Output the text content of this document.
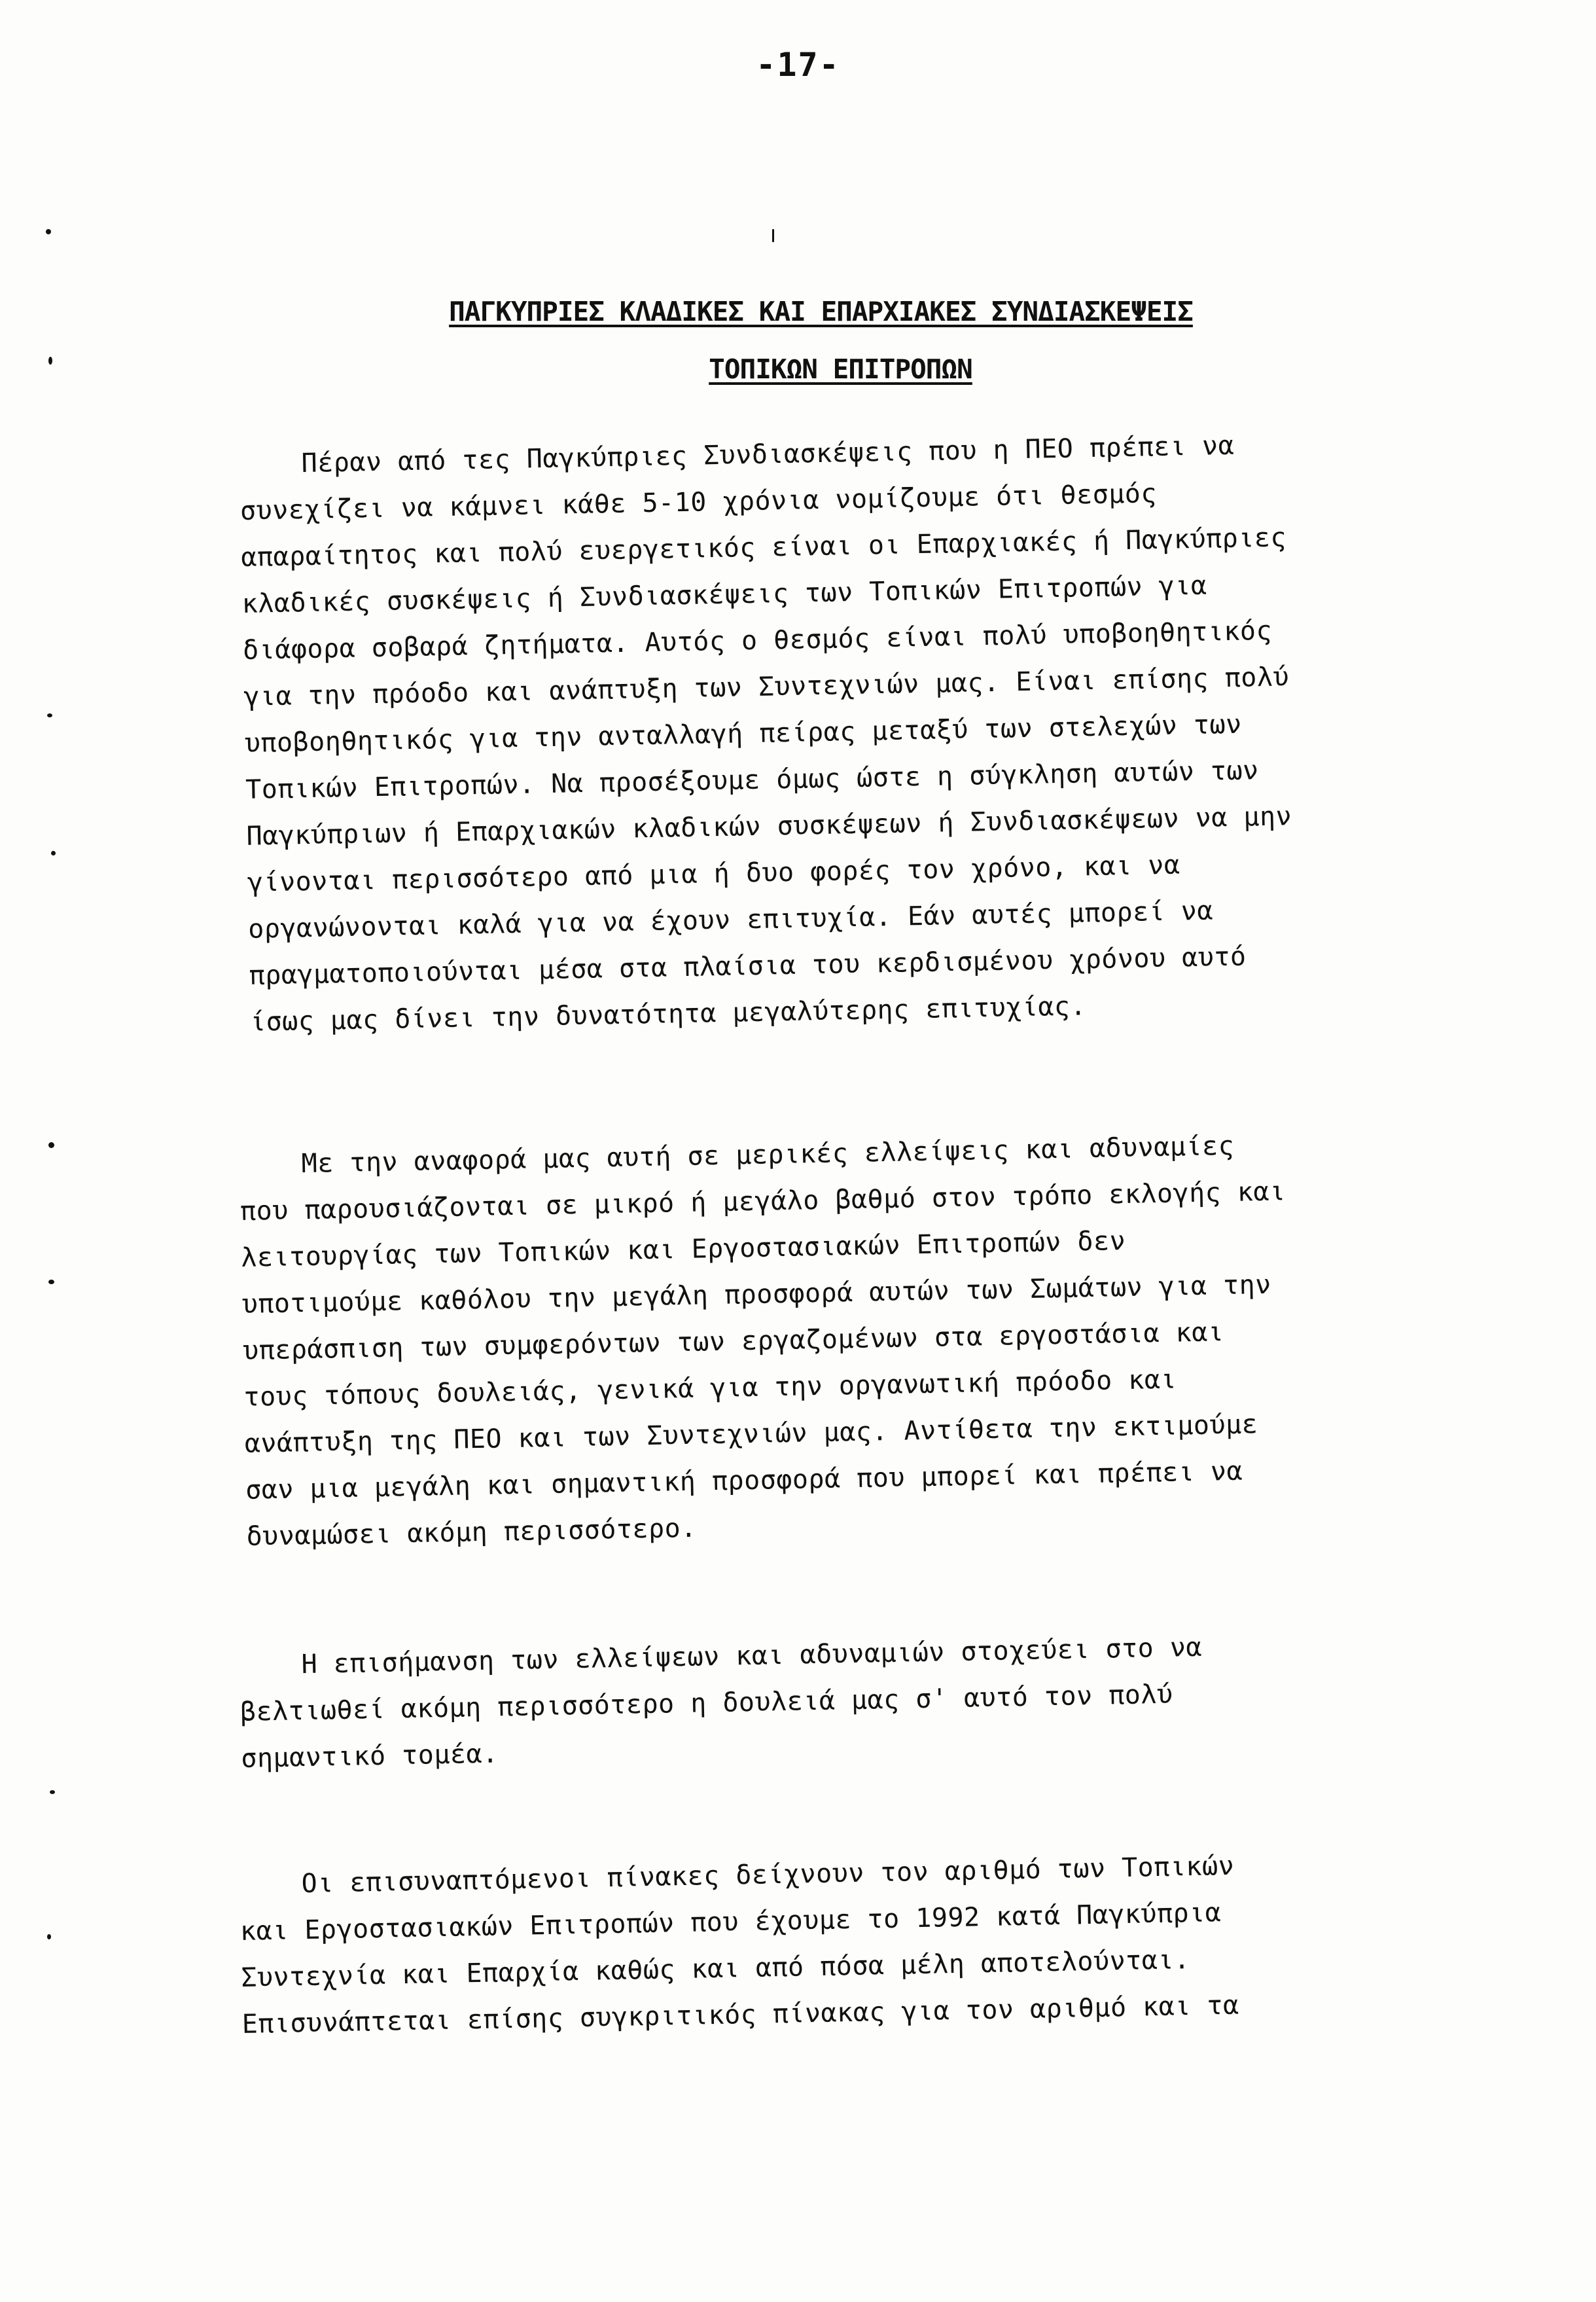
-17-
ΠΑΓΚΥΠΡΙΕΣ ΚΛΑΔΙΚΕΣ ΚΑΙ ΕΠΑΡΧΙΑΚΕΣ ΣΥΝΔΙΑΣΚΕΨΕΙΣ
ΤΟΠΙΚΩΝ ΕΠΙΤΡΟΠΩΝ
Πέραν από τες Παγκύπριες Συνδιασκέψεις που η ΠΕΟ πρέπει να
συνεχίζει να κάμνει κάθε 5-10 χρόνια νομίζουμε ότι θεσμός
απαραίτητος και πολύ ευεργετικός είναι οι Επαρχιακές ή Παγκύπριες
κλαδικές συσκέψεις ή Συνδιασκέψεις των Τοπικών Επιτροπών για
διάφορα σοβαρά ζητήματα. Αυτός ο θεσμός είναι πολύ υποβοηθητικός
για την πρόοδο και ανάπτυξη των Συντεχνιών μας. Είναι επίσης πολύ
υποβοηθητικός για την ανταλλαγή πείρας μεταξύ των στελεχών των
Τοπικών Επιτροπών. Να προσέξουμε όμως ώστε η σύγκληση αυτών των
Παγκύπριων ή Επαρχιακών κλαδικών συσκέψεων ή Συνδιασκέψεων να μην
γίνονται περισσότερο από μια ή δυο φορές τον χρόνο, και να
οργανώνονται καλά για να έχουν επιτυχία. Εάν αυτές μπορεί να
πραγματοποιούνται μέσα στα πλαίσια του κερδισμένου χρόνου αυτό
ίσως μας δίνει την δυνατότητα μεγαλύτερης επιτυχίας.
Με την αναφορά μας αυτή σε μερικές ελλείψεις και αδυναμίες
που παρουσιάζονται σε μικρό ή μεγάλο βαθμό στον τρόπο εκλογής και
λειτουργίας των Τοπικών και Εργοστασιακών Επιτροπών δεν
υποτιμούμε καθόλου την μεγάλη προσφορά αυτών των Σωμάτων για την
υπεράσπιση των συμφερόντων των εργαζομένων στα εργοστάσια και
τους τόπους δουλειάς, γενικά για την οργανωτική πρόοδο και
ανάπτυξη της ΠΕΟ και των Συντεχνιών μας. Αντίθετα την εκτιμούμε
σαν μια μεγάλη και σημαντική προσφορά που μπορεί και πρέπει να
δυναμώσει ακόμη περισσότερο.
Η επισήμανση των ελλείψεων και αδυναμιών στοχεύει στο να
βελτιωθεί ακόμη περισσότερο η δουλειά μας σ' αυτό τον πολύ
σημαντικό τομέα.
Οι επισυναπτόμενοι πίνακες δείχνουν τον αριθμό των Τοπικών
και Εργοστασιακών Επιτροπών που έχουμε το 1992 κατά Παγκύπρια
Συντεχνία και Επαρχία καθώς και από πόσα μέλη αποτελούνται.
Επισυνάπτεται επίσης συγκριτικός πίνακας για τον αριθμό και τα
